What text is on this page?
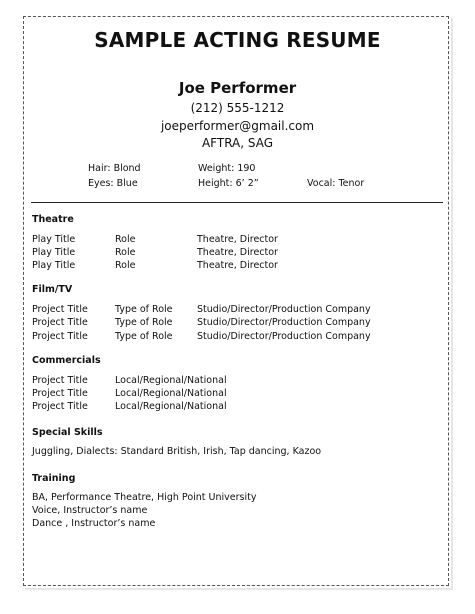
SAMPLE ACTING RESUME
Joe Performer
(212) 555-1212
joeperformer@gmail.com
AFTRA, SAG
Hair: Blond
Eyes: Blue
Weight: 190
Height: 6’ 2”	Vocal: Tenor
Theatre
Play Title	Role	Theatre, Director
Play Title	Role	Theatre, Director
Play Title	Role	Theatre, Director
Film/TV
Project Title	Type of Role	Studio/Director/Production Company
Project Title	Type of Role	Studio/Director/Production Company
Project Title	Type of Role	Studio/Director/Production Company
Commercials
Project Title	Local/Regional/National
Project Title	Local/Regional/National
Project Title	Local/Regional/National
Special Skills
Juggling, Dialects: Standard British, Irish, Tap dancing, Kazoo
Training
BA, Performance Theatre, High Point University
Voice, Instructor’s name
Dance , Instructor’s name
